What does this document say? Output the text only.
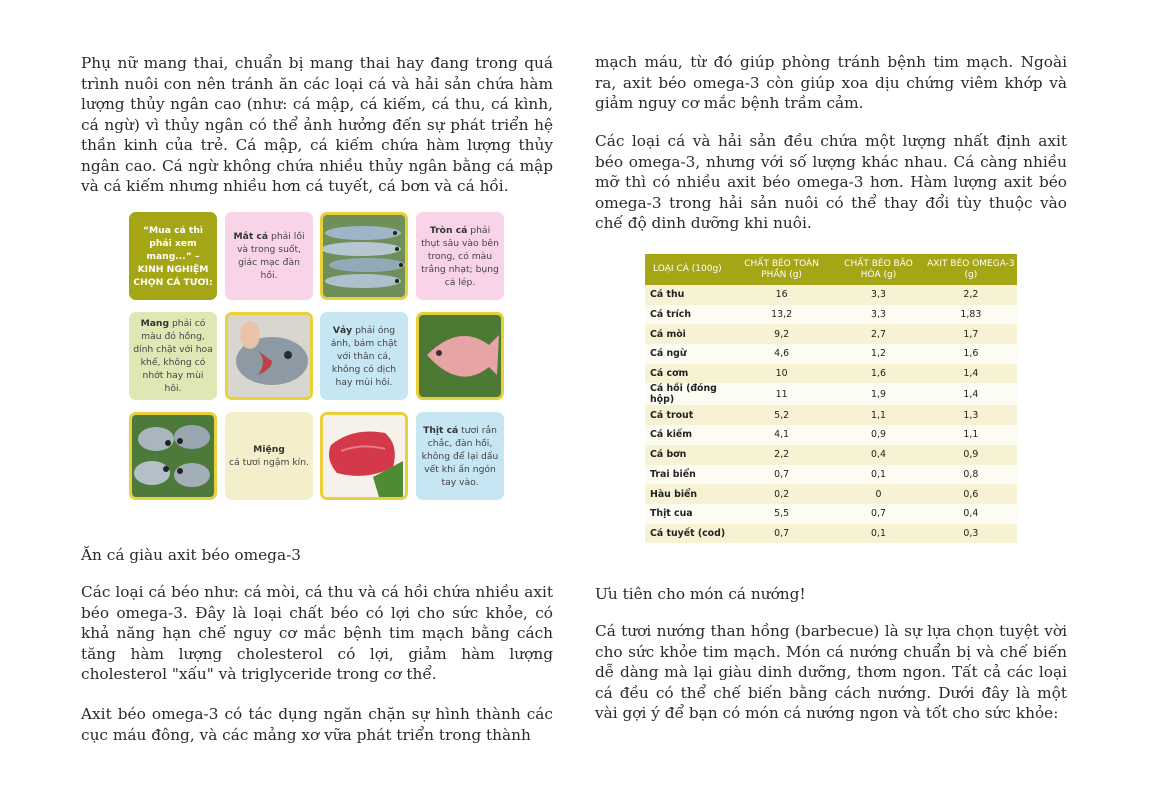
Phụ nữ mang thai, chuẩn bị mang thai hay đang trong quá trình nuôi con nên tránh ăn các loại cá và hải sản chứa hàm lượng thủy ngân cao (như: cá mập, cá kiếm, cá thu, cá kình, cá ngừ) vì thủy ngân có thể ảnh hưởng đến sự phát triển hệ thần kinh của trẻ. Cá mập, cá kiếm chứa hàm lượng thủy ngân cao. Cá ngừ không chứa nhiều thủy ngân bằng cá mập và cá kiếm nhưng nhiều hơn cá tuyết, cá bơn và cá hồi.

Ăn cá giàu axit béo omega-3

Các loại cá béo như: cá mòi, cá thu và cá hồi chứa nhiều axit béo omega-3. Đây là loại chất béo có lợi cho sức khỏe, có khả năng hạn chế nguy cơ mắc bệnh tim mạch bằng cách tăng hàm lượng cholesterol có lợi, giảm hàm lượng cholesterol "xấu" và triglyceride trong cơ thể.

Axit béo omega-3 có tác dụng ngăn chặn sự hình thành các cục máu đông, và các mảng xơ vữa phát triển trong thành

“Mua cá thì phải xem mang...” – KINH NGHIỆM CHỌN CÁ TƯƠI:
Mắt cá phải lồi và trong suốt, giác mạc đàn hồi.
Tròn cá phải thụt sâu vào bên trong, có màu trắng nhạt; bụng cá lép.
Mang phải có màu đỏ hồng, dính chặt với hoa khế, không có nhớt hay mùi hôi.
Vảy phải óng ánh, bám chặt với thân cá, không có dịch hay mùi hôi.
Miệng
cá tươi ngậm kín.
Thịt cá tươi rắn chắc, đàn hồi, không để lại dấu vết khi ấn ngón tay vào.

mạch máu, từ đó giúp phòng tránh bệnh tim mạch. Ngoài ra, axit béo omega-3 còn giúp xoa dịu chứng viêm khớp và giảm nguy cơ mắc bệnh trầm cảm.

Các loại cá và hải sản đều chứa một lượng nhất định axit béo omega-3, nhưng với số lượng khác nhau. Cá càng nhiều mỡ thì có nhiều axit béo omega-3 hơn. Hàm lượng axit béo omega-3 trong hải sản nuôi có thể thay đổi tùy thuộc vào chế độ dinh dưỡng khi nuôi.

Ưu tiên cho món cá nướng!

Cá tươi nướng than hồng (barbecue) là sự lựa chọn tuyệt vời cho sức khỏe tim mạch. Món cá nướng chuẩn bị và chế biến dễ dàng mà lại giàu dinh dưỡng, thơm ngon. Tất cả các loại cá đều có thể chế biến bằng cách nướng. Dưới đây là một vài gợi ý để bạn có món cá nướng ngon và tốt cho sức khỏe:

LOẠI CÁ (100g)	CHẤT BÉO TOÀN PHẦN (g)	CHẤT BÉO BÃO HÒA (g)	AXIT BÉO OMEGA-3 (g)
Cá thu	16	3,3	2,2
Cá trích	13,2	3,3	1,83
Cá mòi	9,2	2,7	1,7
Cá ngừ	4,6	1,2	1,6
Cá cơm	10	1,6	1,4
Cá hồi (đóng hộp)	11	1,9	1,4
Cá trout	5,2	1,1	1,3
Cá kiếm	4,1	0,9	1,1
Cá bơn	2,2	0,4	0,9
Trai biển	0,7	0,1	0,8
Hàu biển	0,2	0	0,6
Thịt cua	5,5	0,7	0,4
Cá tuyết (cod)	0,7	0,1	0,3
